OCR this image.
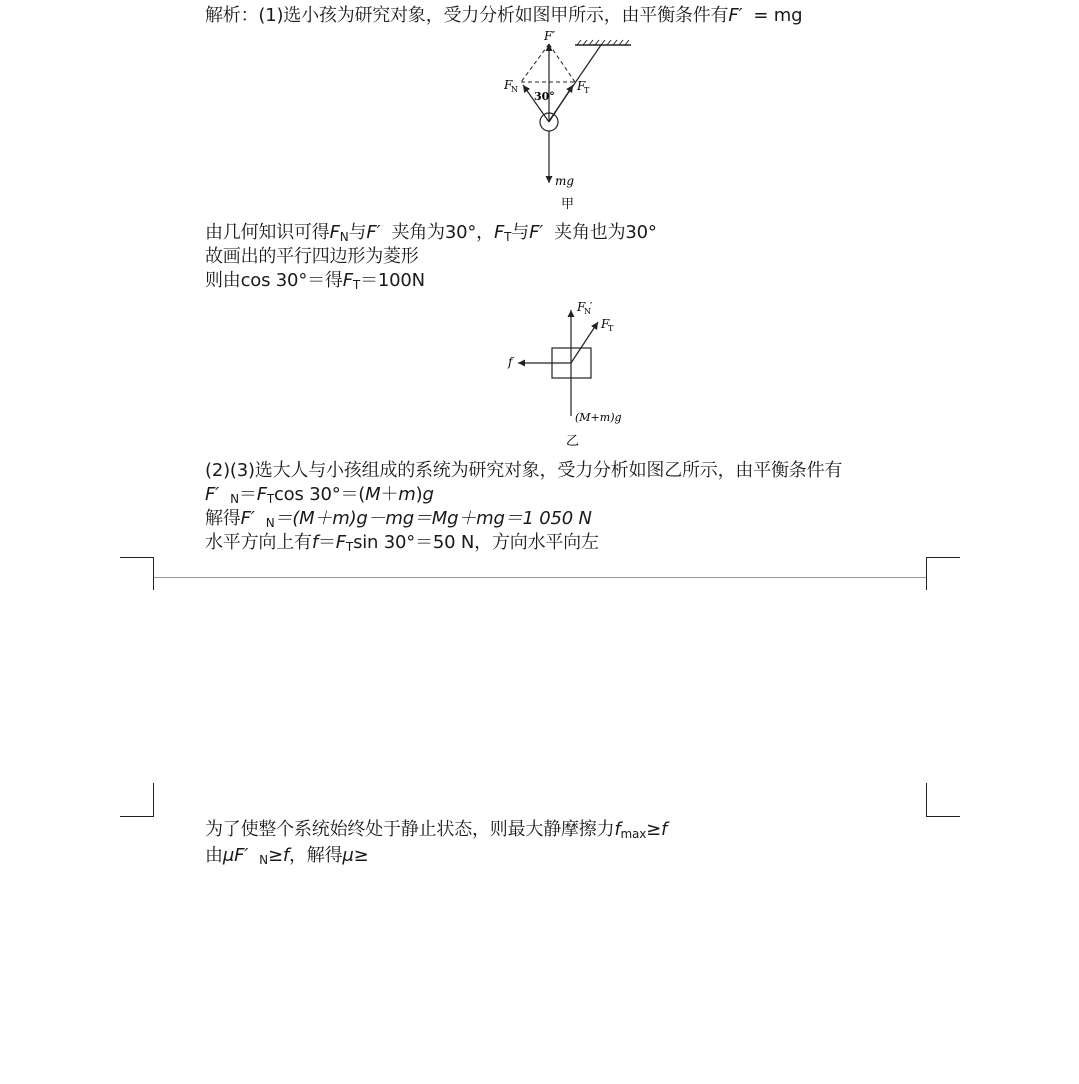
解析：(1)选小孩为研究对象，受力分析如图甲所示，由平衡条件有F′ = mg
F′
F
N	F
T
30°
mg
甲
由几何知识可得$F_N$与F′ 夹角为30°，$F_T$与F′ 夹角也为30°
故画出的平行四边形为菱形
则由cos 30°＝得$F_T=100N$
F
N ′
F
T
f
(M+m)g
乙
(2)(3)选大人与小孩组成的系统为研究对象，受力分析如图乙所示，由平衡条件有
F′ $_N=F_T\cos$ 30°＝(M＋m)g
解得F′ $_N$＝(M＋m)g－mg＝Mg＋mg＝1 050 N
水平方向上有$f=F_T\sin$ 30°＝50 N，方向水平向左
为了使整个系统始终处于静止状态，则最大静摩擦力$f_{max}\ge f$
由μF′ $_N$≥f，解得μ≥
